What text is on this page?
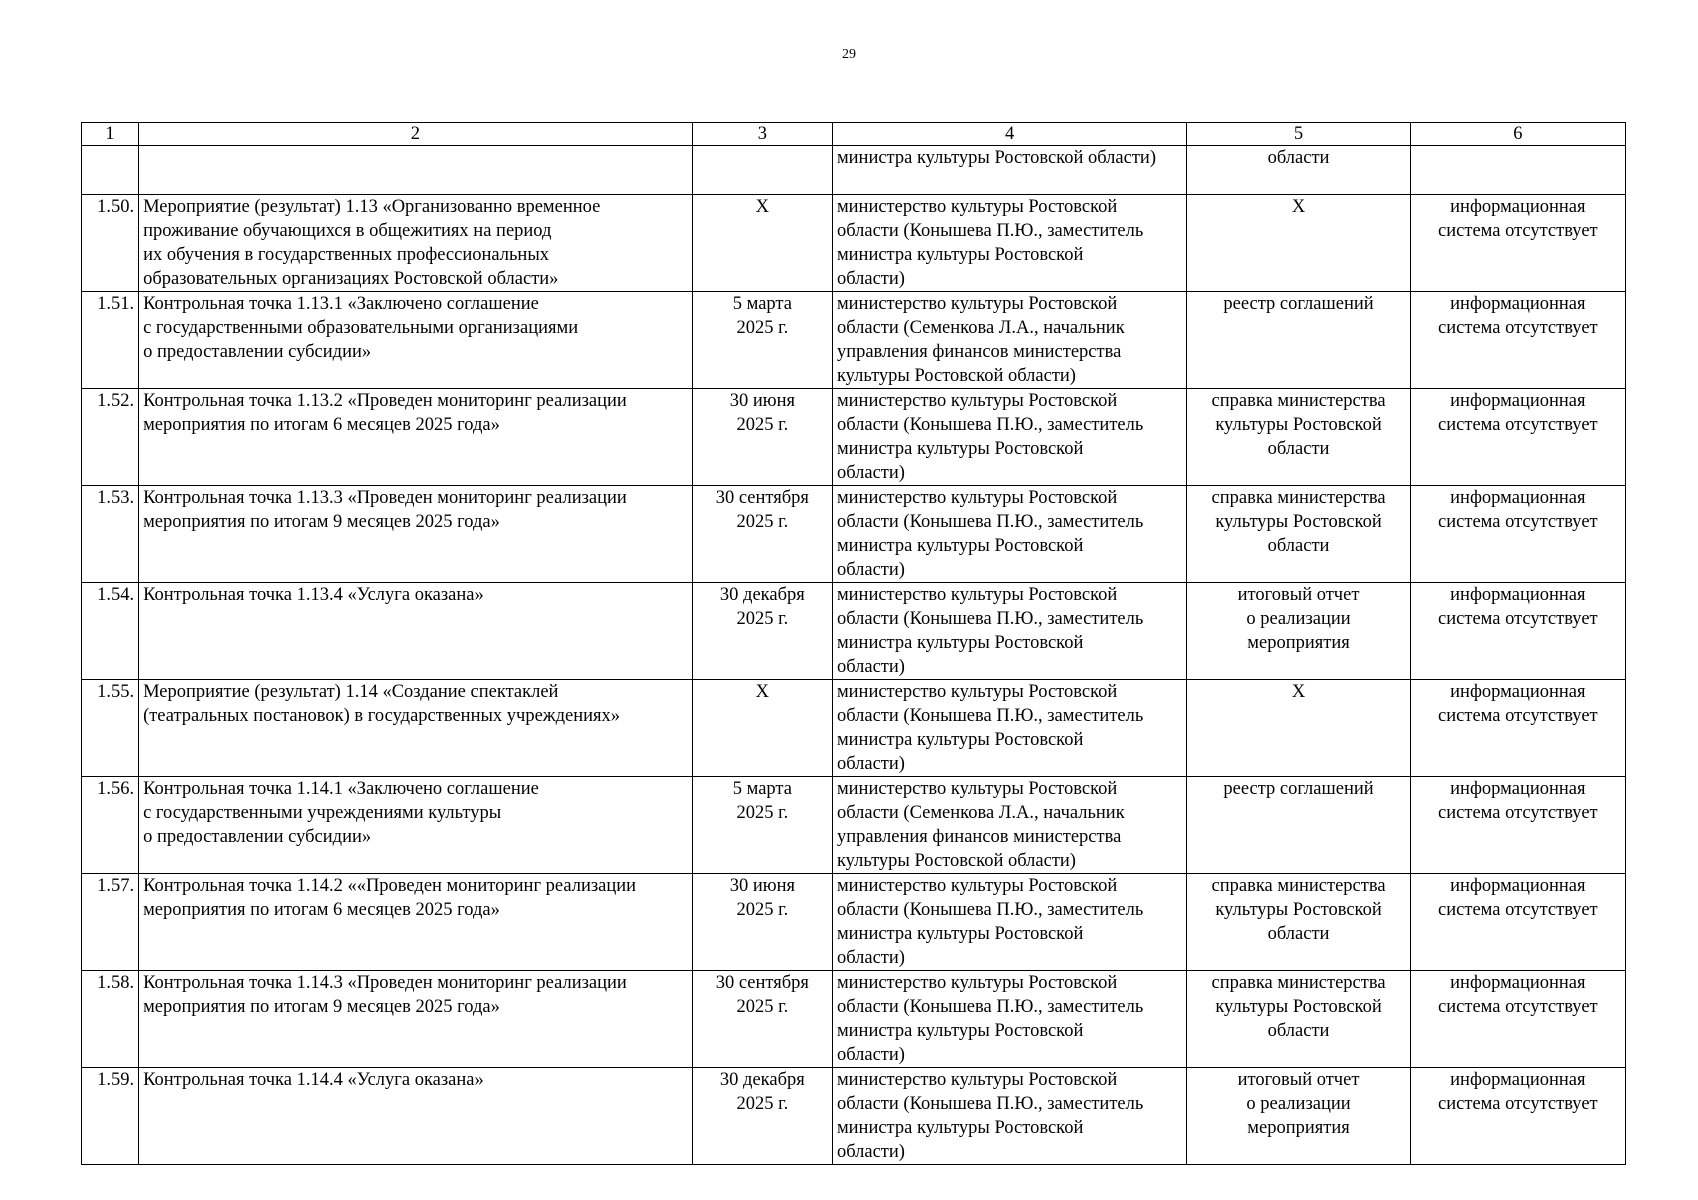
29
1	2	3	4	5	6
			министра культуры Ростовской области)	области	
1.50.	Мероприятие (результат) 1.13 «Организованно временное
проживание обучающихся в общежитиях на период
их обучения в государственных профессиональных
образовательных организациях Ростовской области»	Х	министерство культуры Ростовской
области (Конышева П.Ю., заместитель
министра культуры Ростовской
области)	Х	информационная
система отсутствует
1.51.	Контрольная точка 1.13.1 «Заключено соглашение
с государственными образовательными организациями
о предоставлении субсидии»	5 марта
2025 г.	министерство культуры Ростовской
области (Семенкова Л.А., начальник
управления финансов министерства
культуры Ростовской области)	реестр соглашений	информационная
система отсутствует
1.52.	Контрольная точка 1.13.2 «Проведен мониторинг реализации
мероприятия по итогам 6 месяцев 2025 года»	30 июня
2025 г.	министерство культуры Ростовской
области (Конышева П.Ю., заместитель
министра культуры Ростовской
области)	справка министерства
культуры Ростовской
области	информационная
система отсутствует
1.53.	Контрольная точка 1.13.3 «Проведен мониторинг реализации
мероприятия по итогам 9 месяцев 2025 года»	30 сентября
2025 г.	министерство культуры Ростовской
области (Конышева П.Ю., заместитель
министра культуры Ростовской
области)	справка министерства
культуры Ростовской
области	информационная
система отсутствует
1.54.	Контрольная точка 1.13.4 «Услуга оказана»	30 декабря
2025 г.	министерство культуры Ростовской
области (Конышева П.Ю., заместитель
министра культуры Ростовской
области)	итоговый отчет
о реализации
мероприятия	информационная
система отсутствует
1.55.	Мероприятие (результат) 1.14 «Создание спектаклей
(театральных постановок) в государственных учреждениях»	Х	министерство культуры Ростовской
области (Конышева П.Ю., заместитель
министра культуры Ростовской
области)	Х	информационная
система отсутствует
1.56.	Контрольная точка 1.14.1 «Заключено соглашение
с государственными учреждениями культуры
о предоставлении субсидии»	5 марта
2025 г.	министерство культуры Ростовской
области (Семенкова Л.А., начальник
управления финансов министерства
культуры Ростовской области)	реестр соглашений	информационная
система отсутствует
1.57.	Контрольная точка 1.14.2 ««Проведен мониторинг реализации
мероприятия по итогам 6 месяцев 2025 года»	30 июня
2025 г.	министерство культуры Ростовской
области (Конышева П.Ю., заместитель
министра культуры Ростовской
области)	справка министерства
культуры Ростовской
области	информационная
система отсутствует
1.58.	Контрольная точка 1.14.3 «Проведен мониторинг реализации
мероприятия по итогам 9 месяцев 2025 года»	30 сентября
2025 г.	министерство культуры Ростовской
области (Конышева П.Ю., заместитель
министра культуры Ростовской
области)	справка министерства
культуры Ростовской
области	информационная
система отсутствует
1.59.	Контрольная точка 1.14.4 «Услуга оказана»	30 декабря
2025 г.	министерство культуры Ростовской
области (Конышева П.Ю., заместитель
министра культуры Ростовской
области)	итоговый отчет
о реализации
мероприятия	информационная
система отсутствует
